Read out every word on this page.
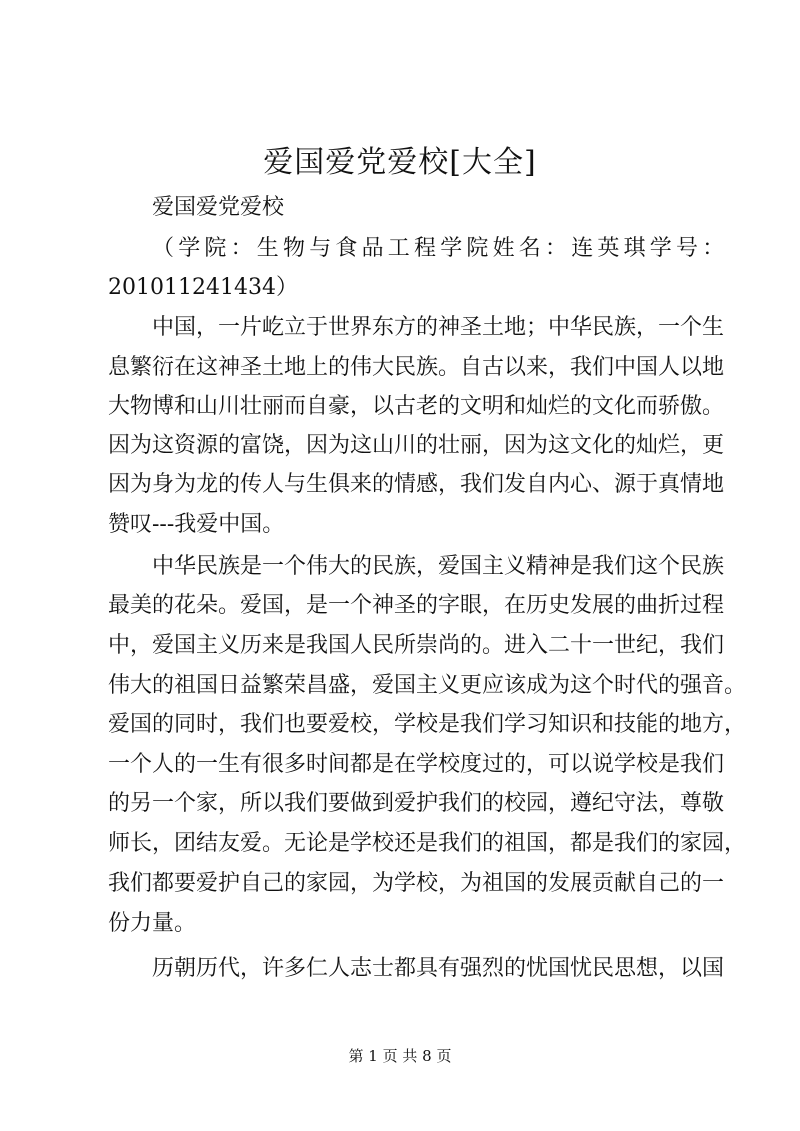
爱国爱党爱校[大全]
爱国爱党爱校
（学院：生物与食品工程学院姓名：连英琪学号：
201011241434）
中国，一片屹立于世界东方的神圣土地；中华民族，一个生
息繁衍在这神圣土地上的伟大民族。自古以来，我们中国人以地
大物博和山川壮丽而自豪，以古老的文明和灿烂的文化而骄傲。
因为这资源的富饶，因为这山川的壮丽，因为这文化的灿烂，更
因为身为龙的传人与生俱来的情感，我们发自内心、源于真情地
赞叹---我爱中国。
中华民族是一个伟大的民族，爱国主义精神是我们这个民族
最美的花朵。爱国，是一个神圣的字眼，在历史发展的曲折过程
中，爱国主义历来是我国人民所崇尚的。进入二十一世纪，我们
伟大的祖国日益繁荣昌盛，爱国主义更应该成为这个时代的强音。
爱国的同时，我们也要爱校，学校是我们学习知识和技能的地方，
一个人的一生有很多时间都是在学校度过的，可以说学校是我们
的另一个家，所以我们要做到爱护我们的校园，遵纪守法，尊敬
师长，团结友爱。无论是学校还是我们的祖国，都是我们的家园，
我们都要爱护自己的家园，为学校，为祖国的发展贡献自己的一
份力量。
历朝历代，许多仁人志士都具有强烈的忧国忧民思想，以国
第 1 页 共 8 页
